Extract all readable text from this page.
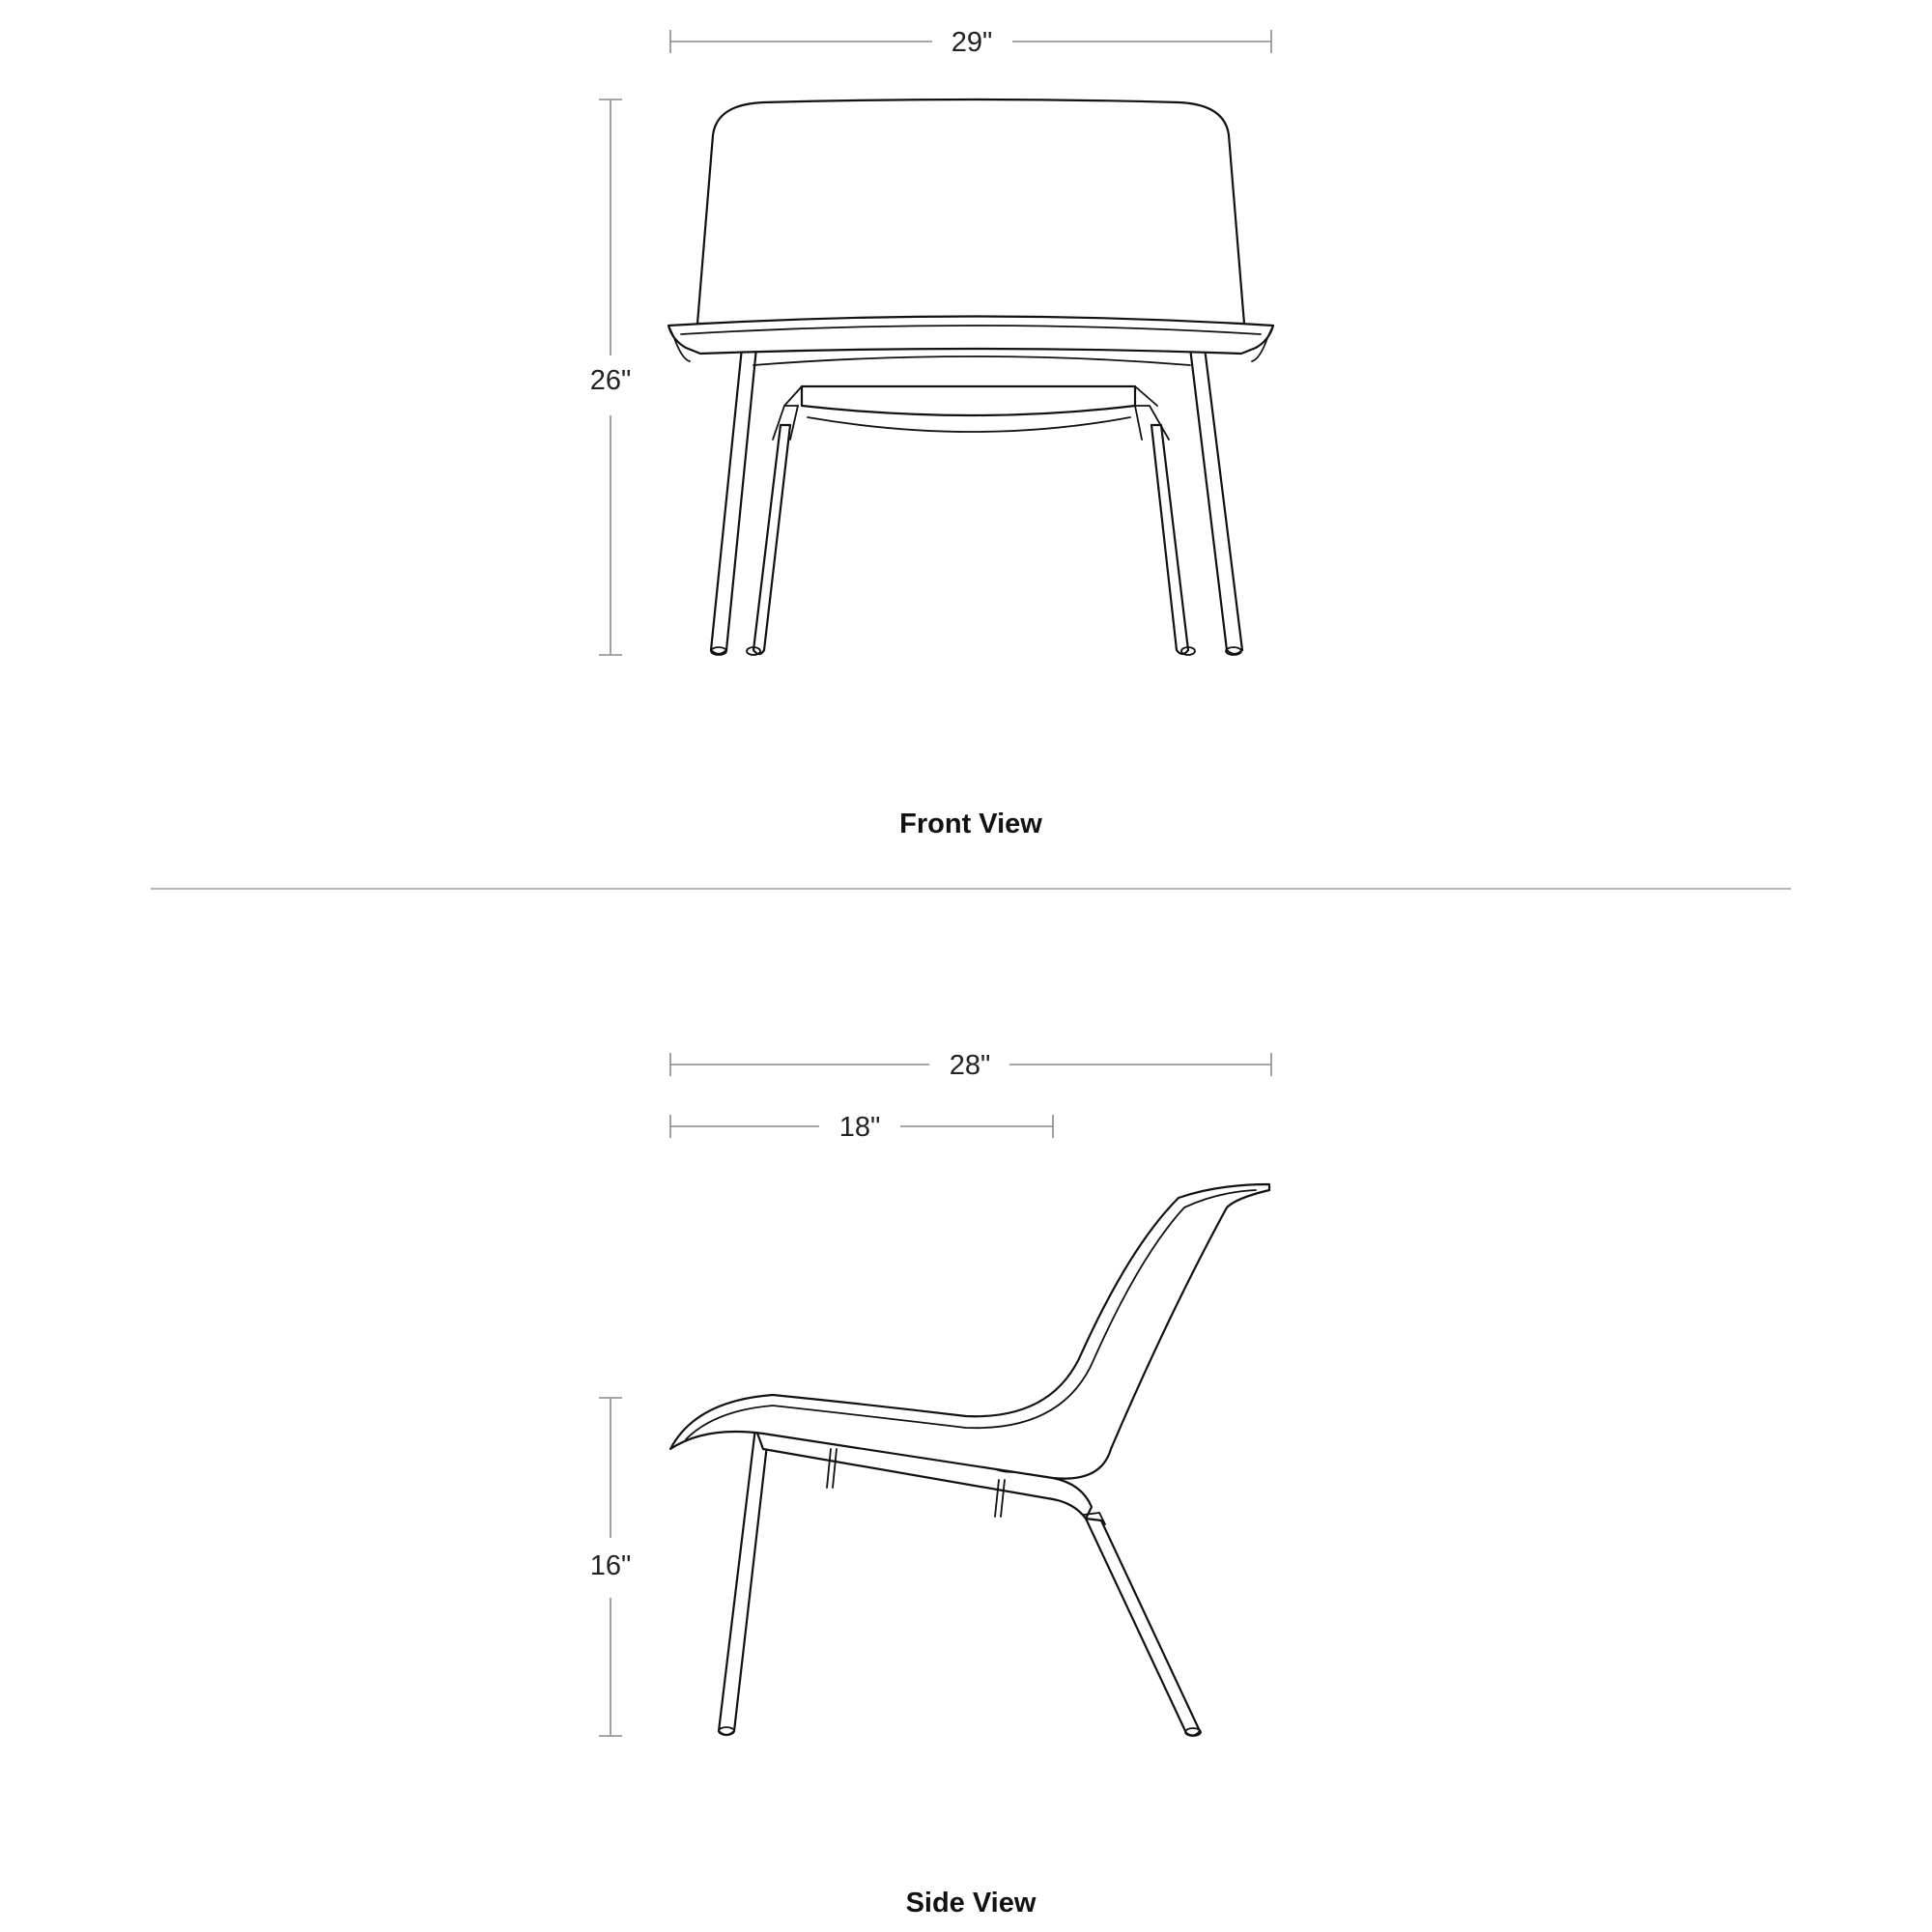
29"
26"
Front View
28"
18"
16"
Side View
